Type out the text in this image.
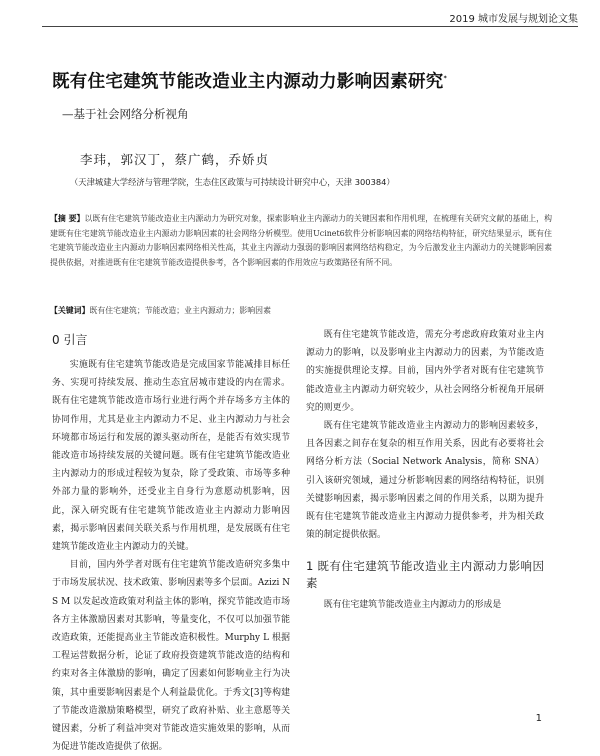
2019 城市发展与规划论文集
既有住宅建筑节能改造业主内源动力影响因素研究*
—基于社会网络分析视角
李玮，郭汉丁，蔡广鹤，乔娇贞
（天津城建大学经济与管理学院，生态住区政策与可持续设计研究中心，天津 300384）

【摘 要】以既有住宅建筑节能改造业主内源动力为研究对象，探索影响业主内源动力的关键因素和作用机理，在梳理有关研究文献的基础上，构建既有住宅建筑节能改造业主内源动力影响因素的社会网络分析模型。使用Ucinet6软件分析影响因素的网络结构特征，研究结果显示，既有住宅建筑节能改造业主内源动力影响因素网络相关性高，其业主内源动力强弱的影响因素网络结构稳定，为今后激发业主内源动力的关键影响因素提供依据，对推进既有住宅建筑节能改造提供参考，各个影响因素的作用效应与政策路径有所不同。

【关键词】既有住宅建筑；节能改造；业主内源动力；影响因素

0 引言

实施既有住宅建筑节能改造是完成国家节能减排目标任务、实现可持续发展、推动生态宜居城市建设的内在需求。既有住宅建筑节能改造市场行业进行两个并存场多方主体的协同作用，尤其是业主内源动力不足、业主内源动力与社会环境都市场运行和发展的源头驱动所在，是能否有效实现节能改造市场持续发展的关键问题。既有住宅建筑节能改造业主内源动力的形成过程较为复杂，除了受政策、市场等多种外部力量的影响外，还受业主自身行为意愿动机影响，因此，深入研究既有住宅建筑节能改造业主内源动力影响因素，揭示影响因素间关联关系与作用机理，是发展既有住宅建筑节能改造业主内源动力的关键。

目前，国内外学者对既有住宅建筑节能改造研究多集中于市场发展状况、技术政策、影响因素等多个层面。Azizi N S M 以发起改造政策对利益主体的影响，探究节能改造市场各方主体激励因素对其影响，等量变化，不仅可以加强节能改造政策，还能提高业主节能改造积极性。Murphy L 根据工程运营数据分析，论证了政府投资建筑节能改造的结构和约束对各主体激励的影响，确定了因素如何影响业主行为决策，其中重要影响因素是个人利益最优化。于秀文[3]等构建了节能改造激励策略模型，研究了政府补贴、业主意愿等关键因素，分析了利益冲突对节能改造实施效果的影响，从而为促进节能改造提供了依据。

既有住宅建筑节能改造，需充分考虑政府政策对业主内源动力的影响，以及影响业主内源动力的因素，为节能改造的实施提供理论支撑。目前，国内外学者对既有住宅建筑节能改造业主内源动力研究较少，从社会网络分析视角开展研究的则更少。

既有住宅建筑节能改造业主内源动力的影响因素较多，且各因素之间存在复杂的相互作用关系，因此有必要将社会网络分析方法（Social Network Analysis，简称 SNA）引入该研究领域，通过分析影响因素的网络结构特征，识别关键影响因素，揭示影响因素之间的作用关系，以期为提升既有住宅建筑节能改造业主内源动力提供参考，并为相关政策的制定提供依据。

1 既有住宅建筑节能改造业主内源动力影响因素

既有住宅建筑节能改造业主内源动力的形成是

1
